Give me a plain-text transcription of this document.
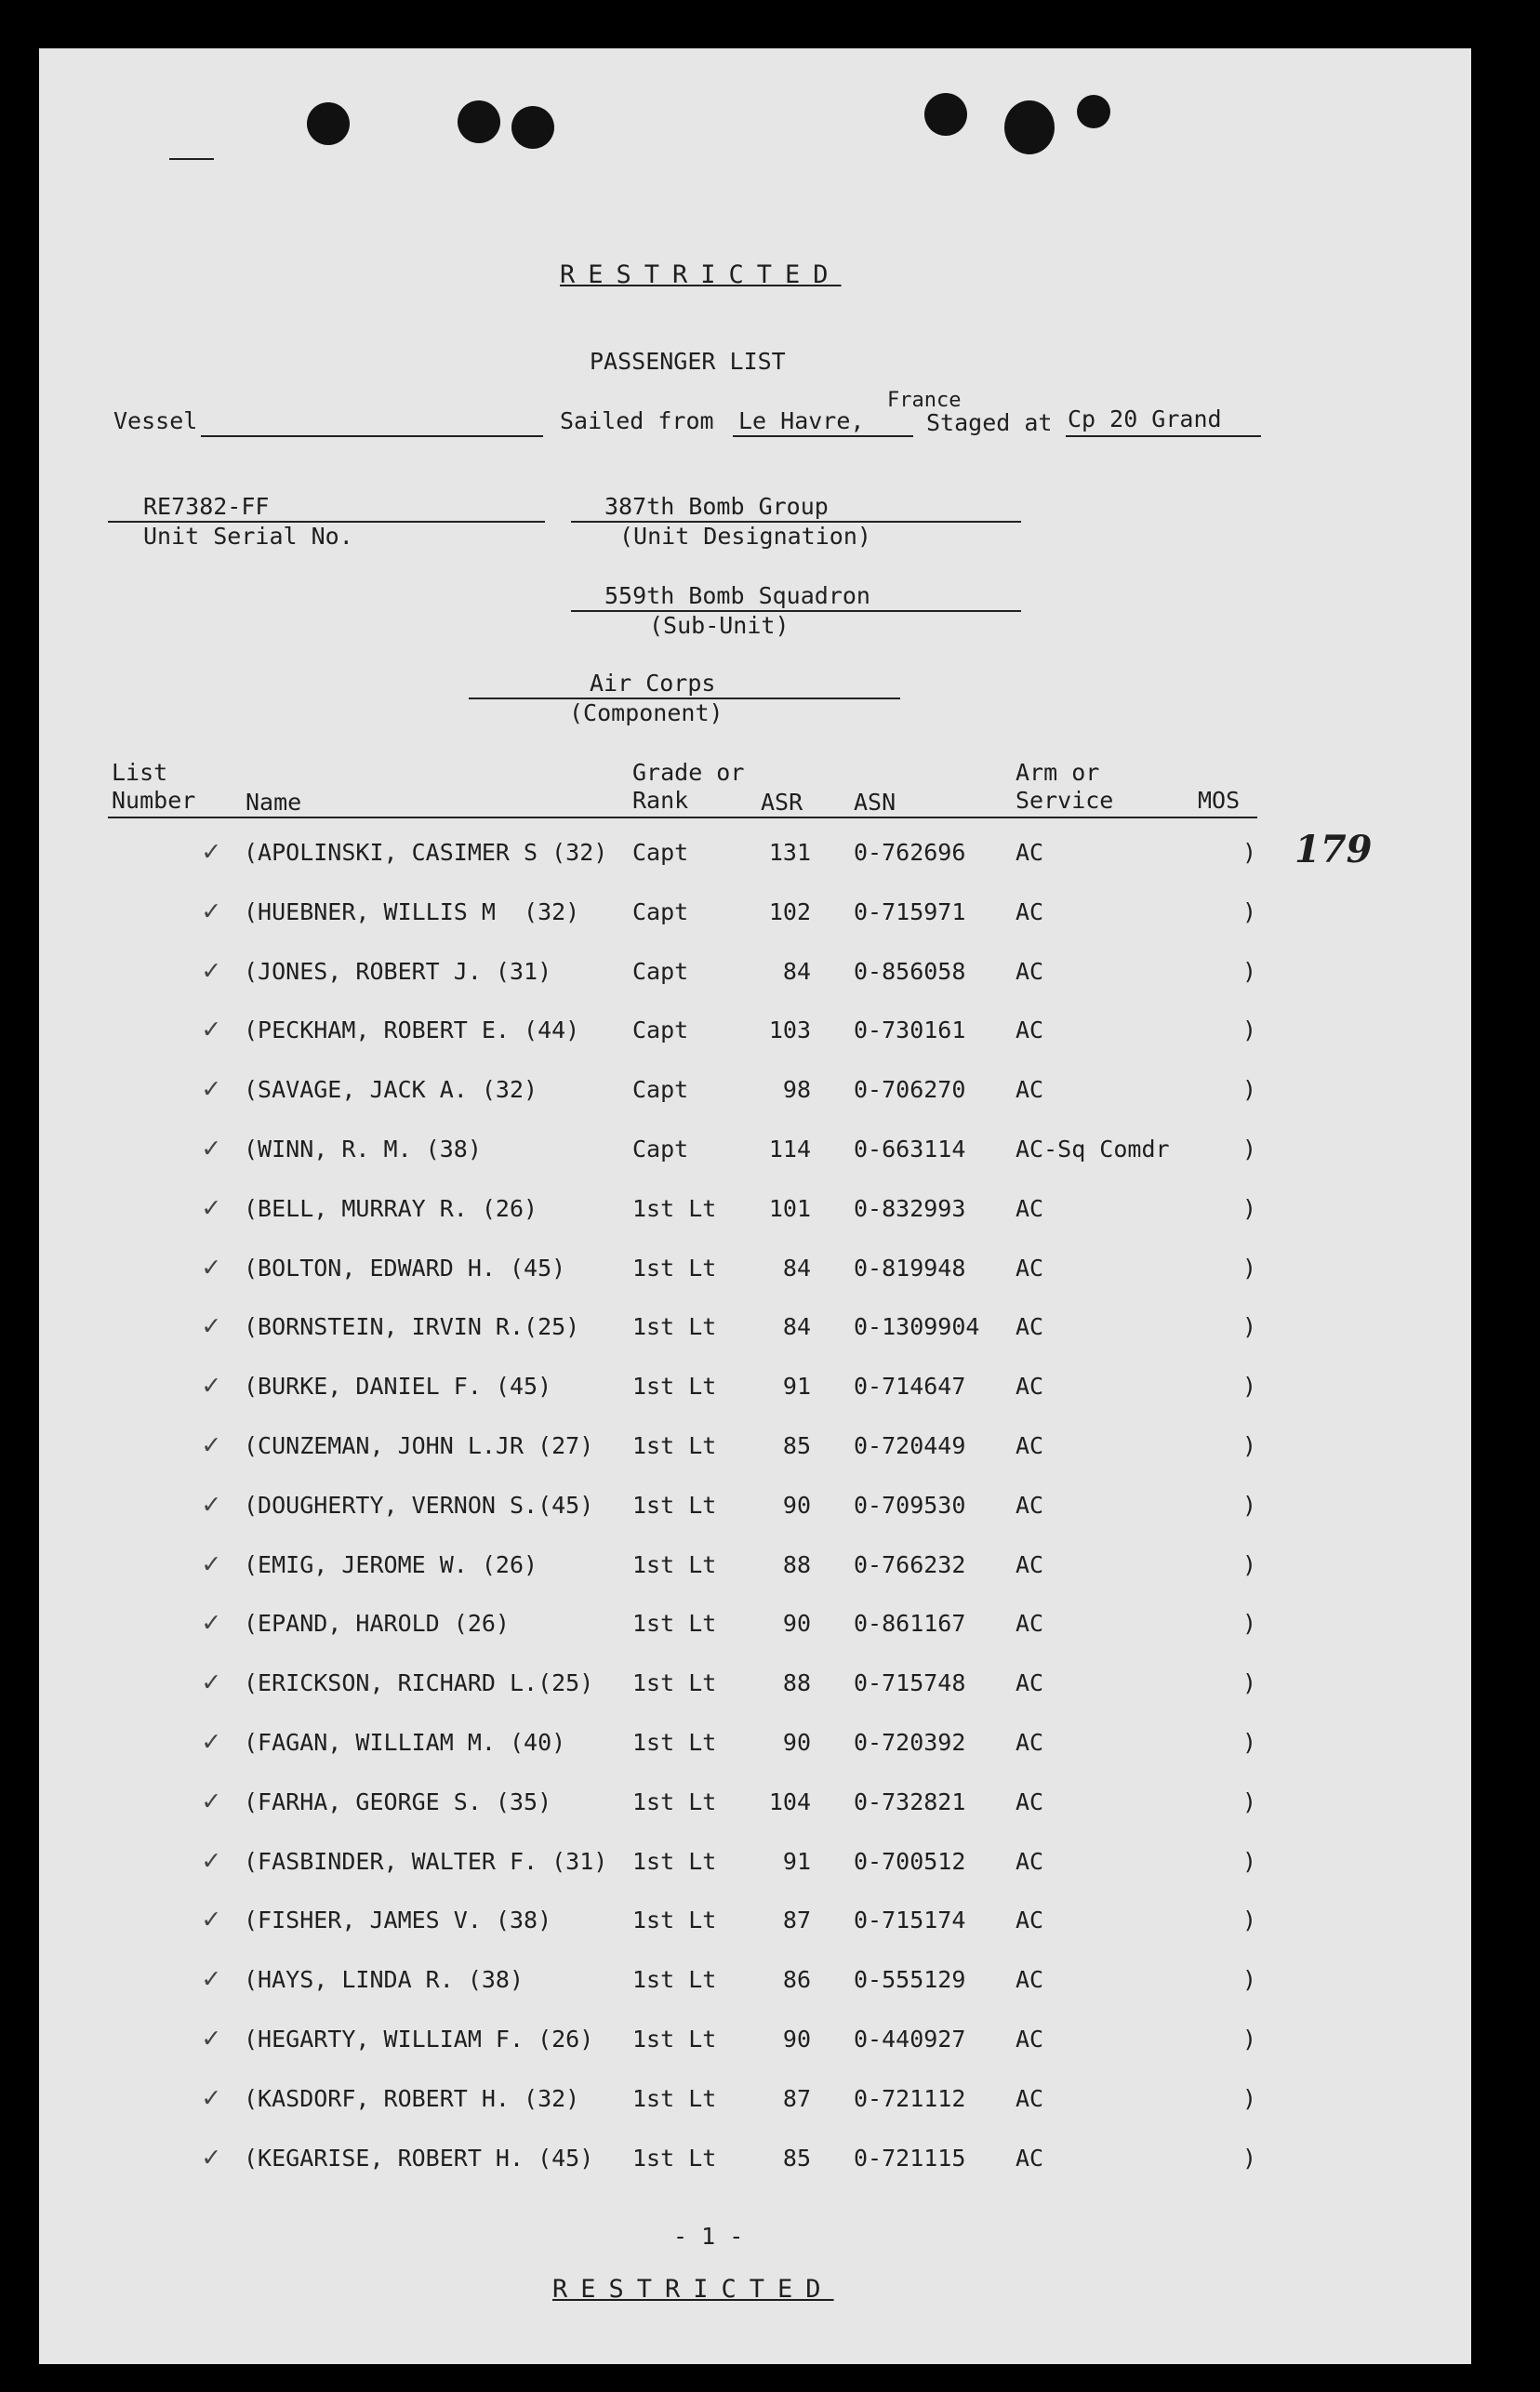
RESTRICTED
PASSENGER LIST
Vessel	Sailed from
France
Le Havre,	Staged at Cp 20 Grand
RE7382-FF
Unit Serial No.
387th Bomb Group
(Unit Designation)
559th Bomb Squadron
(Sub-Unit)
Air Corps
(Component)
List
Number Name
Grade or
Rank	ASR ASN
Arm or
Service	MOS
179
✓ (APOLINSKI, CASIMER S (32) Capt	131 0-762696 AC	)
✓ (HUEBNER, WILLIS M  (32) Capt	102 0-715971 AC	)
✓ (JONES, ROBERT J. (31)	Capt	84 0-856058 AC	)
✓ (PECKHAM, ROBERT E. (44) Capt	103 0-730161 AC	)
✓ (SAVAGE, JACK A. (32)	Capt	98 0-706270 AC	)
✓ (WINN, R. M. (38)	Capt	114 0-663114 AC-Sq Comdr	)
✓ (BELL, MURRAY R. (26)	1st Lt	101 0-832993 AC	)
✓ (BOLTON, EDWARD H. (45)	1st Lt	84 0-819948 AC	)
✓ (BORNSTEIN, IRVIN R.(25) 1st Lt	84 0-1309904 AC	)
✓ (BURKE, DANIEL F. (45)	1st Lt	91 0-714647 AC	)
✓ (CUNZEMAN, JOHN L.JR (27) 1st Lt	85 0-720449 AC	)
✓ (DOUGHERTY, VERNON S.(45) 1st Lt	90 0-709530 AC	)
✓ (EMIG, JEROME W. (26)	1st Lt	88 0-766232 AC	)
✓ (EPAND, HAROLD (26)	1st Lt	90 0-861167 AC	)
✓ (ERICKSON, RICHARD L.(25) 1st Lt	88 0-715748 AC	)
✓ (FAGAN, WILLIAM M. (40)	1st Lt	90 0-720392 AC	)
✓ (FARHA, GEORGE S. (35)	1st Lt	104 0-732821 AC	)
✓ (FASBINDER, WALTER F. (31) 1st Lt	91 0-700512 AC	)
✓ (FISHER, JAMES V. (38)	1st Lt	87 0-715174 AC	)
✓ (HAYS, LINDA R. (38)	1st Lt	86 0-555129 AC	)
✓ (HEGARTY, WILLIAM F. (26) 1st Lt	90 0-440927 AC	)
✓ (KASDORF, ROBERT H. (32) 1st Lt	87 0-721112 AC	)
✓ (KEGARISE, ROBERT H. (45) 1st Lt	85 0-721115 AC	)
- 1 -
RESTRICTED
